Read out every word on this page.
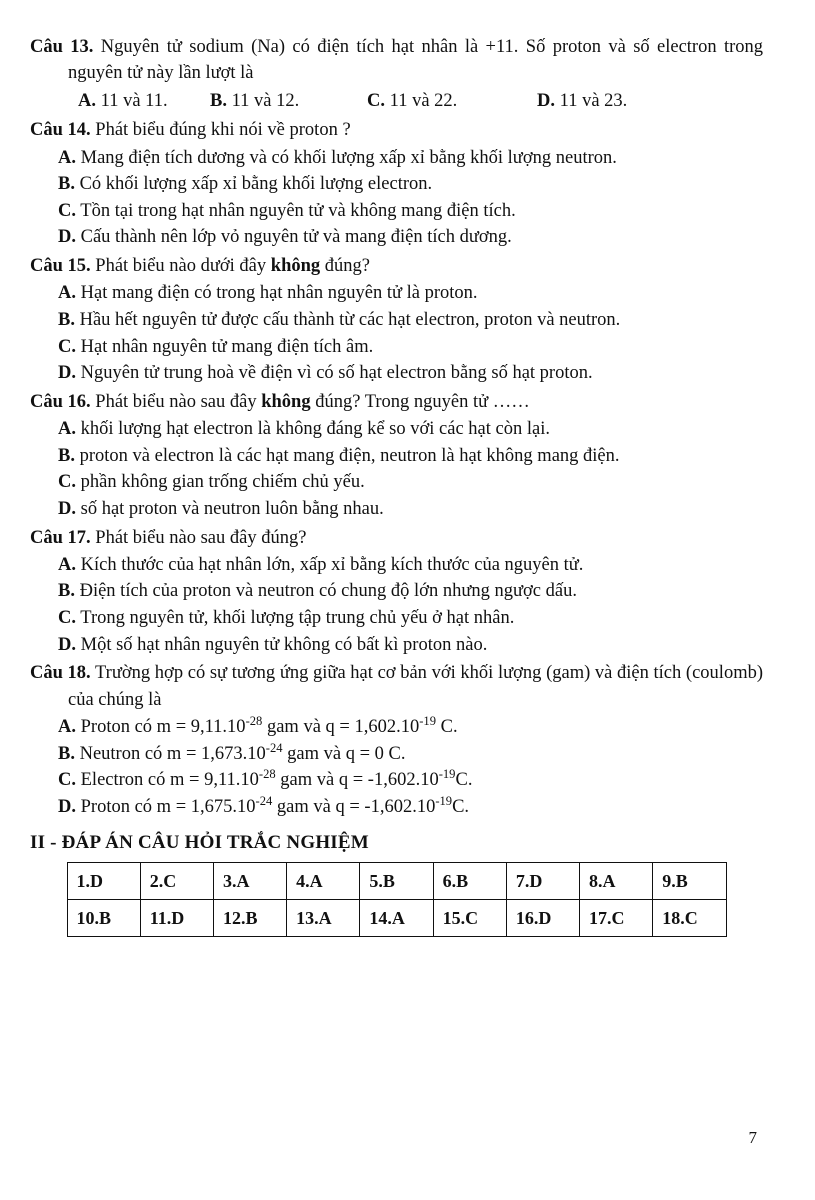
Câu 13. Nguyên tử sodium (Na) có điện tích hạt nhân là +11. Số proton và số electron trong nguyên tử này lần lượt là
A. 11 và 11. B. 11 và 12.	C. 11 và 22.	D. 11 và 23.
Câu 14. Phát biểu đúng khi nói về proton ?
A. Mang điện tích dương và có khối lượng xấp xỉ bằng khối lượng neutron.
B. Có khối lượng xấp xỉ bằng khối lượng electron.
C. Tồn tại trong hạt nhân nguyên tử và không mang điện tích.
D. Cấu thành nên lớp vỏ nguyên tử và mang điện tích dương.
Câu 15. Phát biểu nào dưới đây không đúng?
A. Hạt mang điện có trong hạt nhân nguyên tử là proton.
B. Hầu hết nguyên tử được cấu thành từ các hạt electron, proton và neutron.
C. Hạt nhân nguyên tử mang điện tích âm.
D. Nguyên tử trung hoà về điện vì có số hạt electron bằng số hạt proton.
Câu 16. Phát biểu nào sau đây không đúng? Trong nguyên tử ……
A. khối lượng hạt electron là không đáng kể so với các hạt còn lại.
B. proton và electron là các hạt mang điện, neutron là hạt không mang điện.
C. phần không gian trống chiếm chủ yếu.
D. số hạt proton và neutron luôn bằng nhau.
Câu 17. Phát biểu nào sau đây đúng?
A. Kích thước của hạt nhân lớn, xấp xỉ bằng kích thước của nguyên tử.
B. Điện tích của proton và neutron có chung độ lớn nhưng ngược dấu.
C. Trong nguyên tử, khối lượng tập trung chủ yếu ở hạt nhân.
D. Một số hạt nhân nguyên tử không có bất kì proton nào.
Câu 18. Trường hợp có sự tương ứng giữa hạt cơ bản với khối lượng (gam) và điện tích (coulomb) của chúng là
A. Proton có $m = 9,11.10^{-28}$ gam và $q = 1,602.10^{-19}$ C.
B. Neutron có $m = 1,673.10^{-24}$ gam và q = 0 C.
C. Electron có $m = 9,11.10^{-28}$ gam và $q = -1,602.10^{-19}C$.
D. Proton có $m = 1,675.10^{-24}$ gam và $q = -1,602.10^{-19}C$.
II - ĐÁP ÁN CÂU HỎI TRẮC NGHIỆM
1.D	2.C	3.A	4.A	5.B	6.B	7.D	8.A	9.B
10.B	11.D	12.B	13.A	14.A	15.C	16.D	17.C	18.C
7
